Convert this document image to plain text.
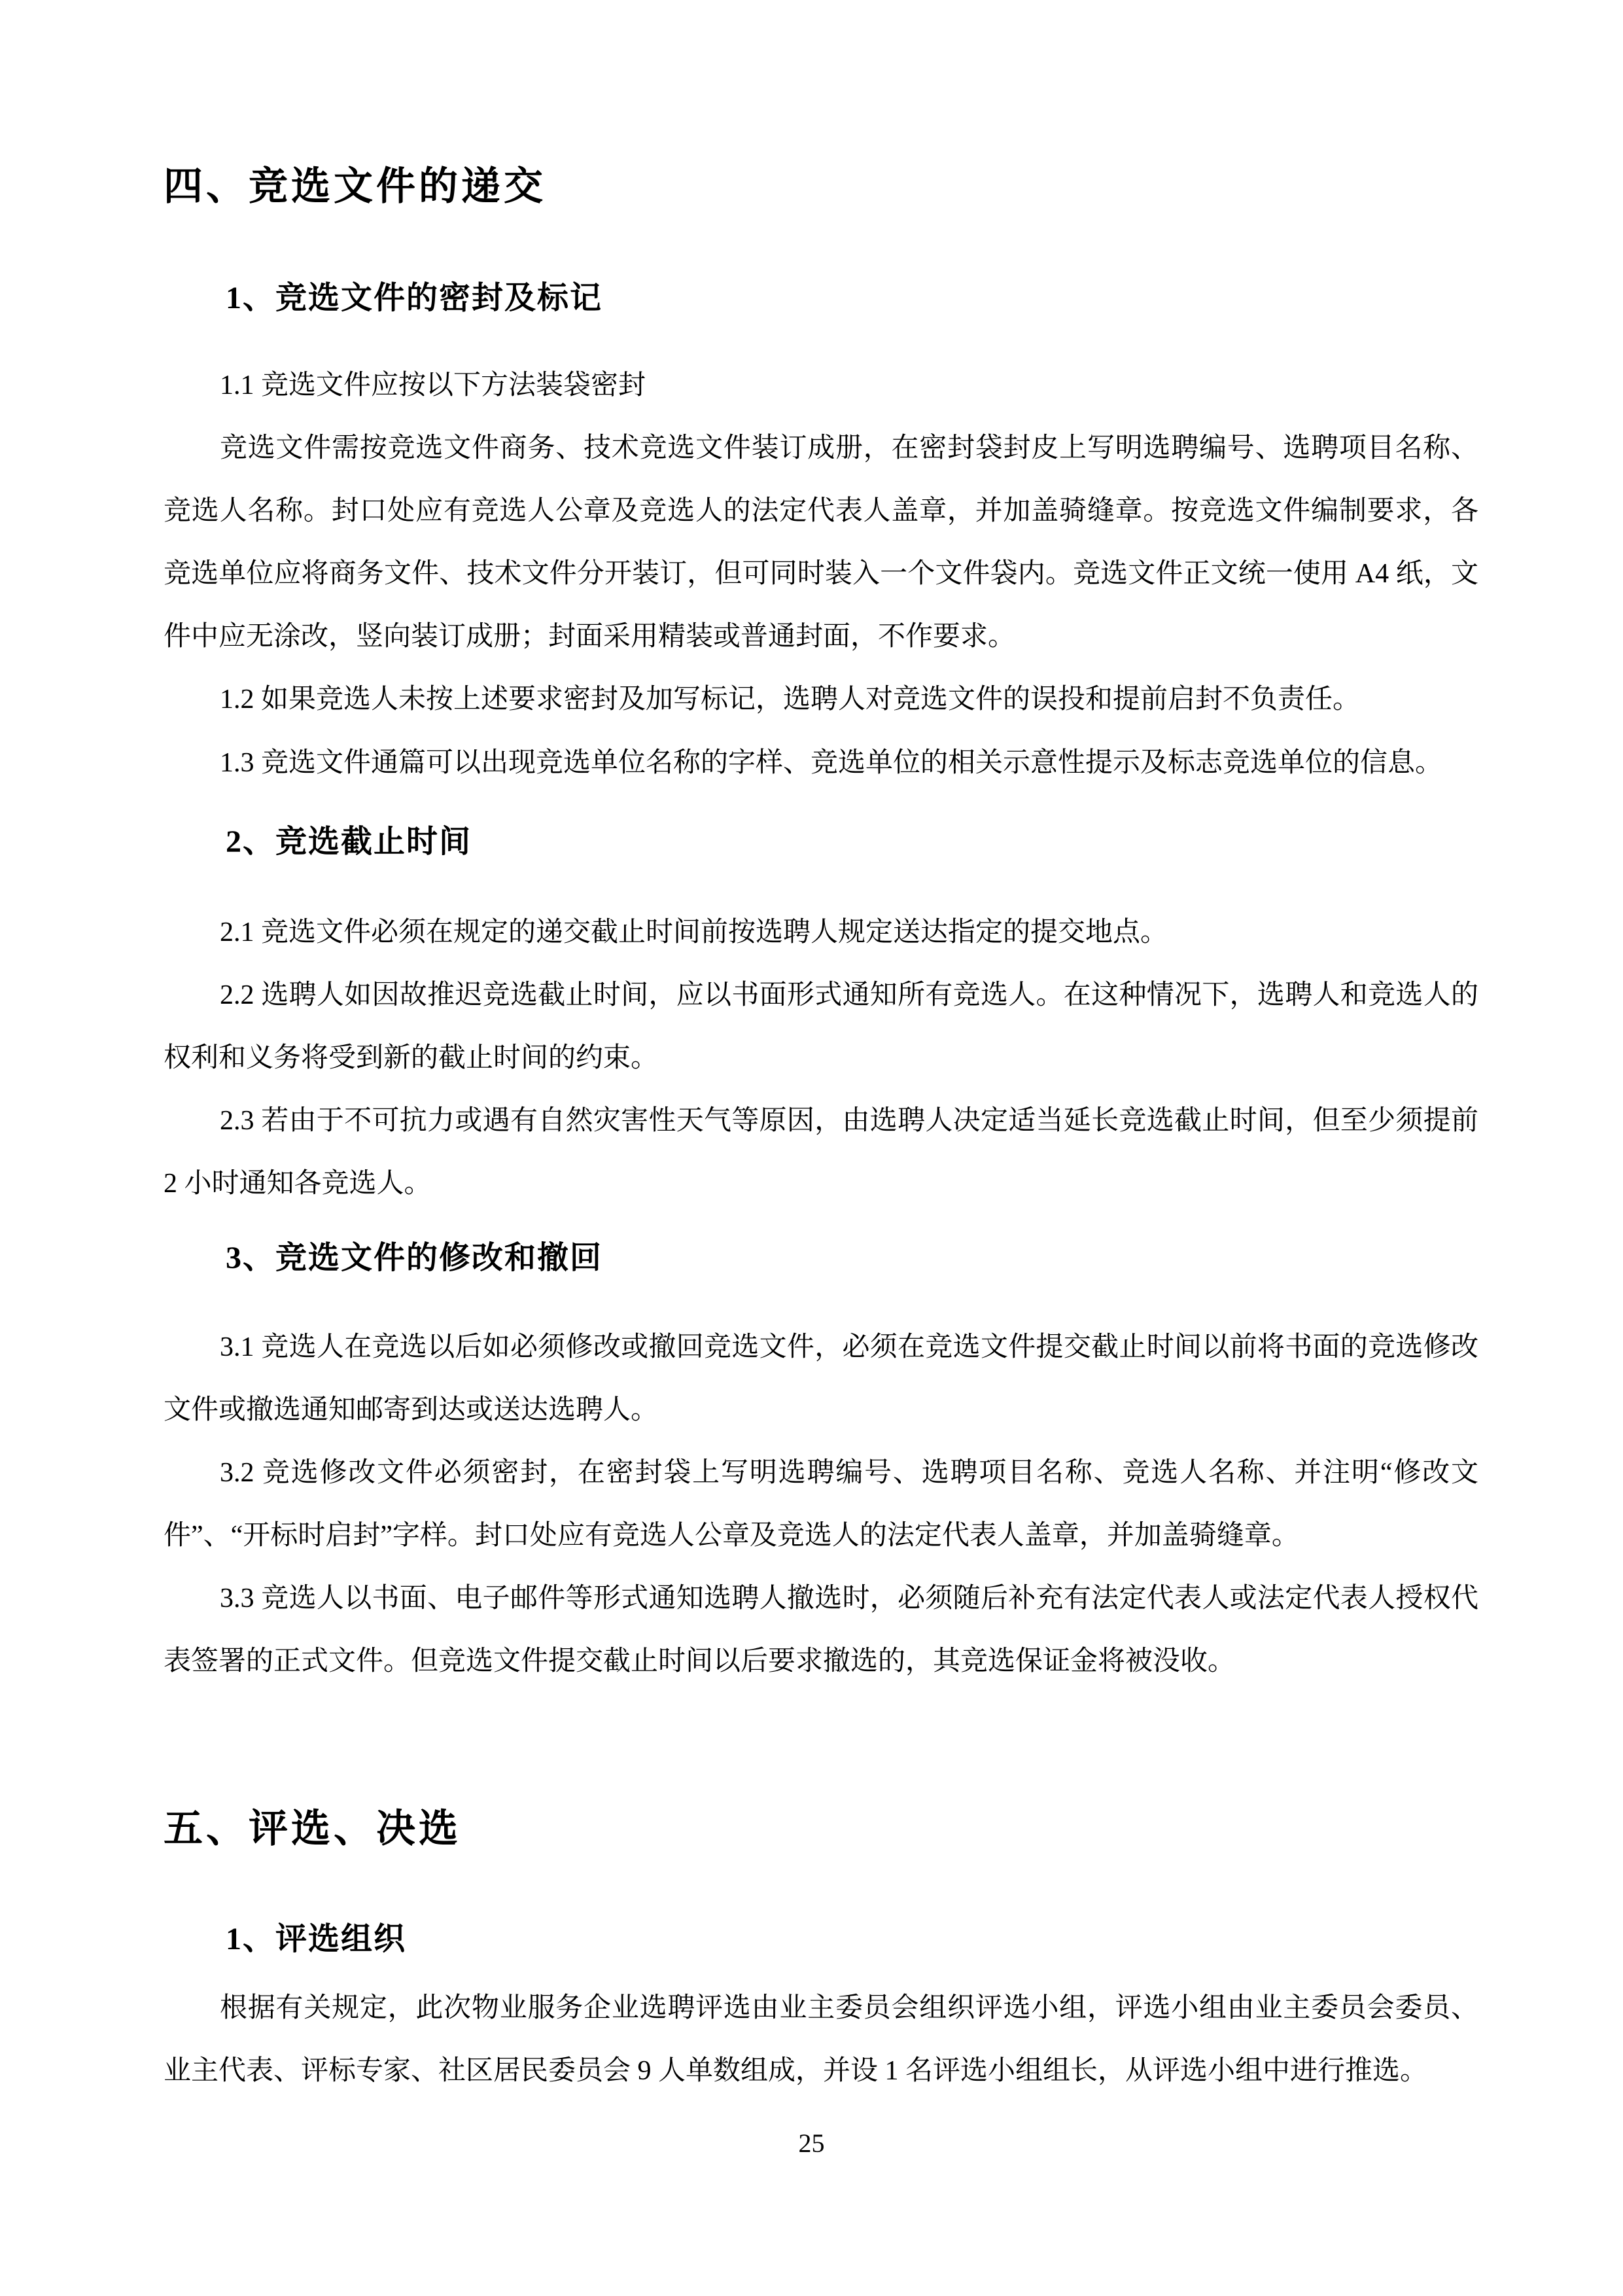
四、竞选文件的递交
1、竞选文件的密封及标记
1.1 竞选文件应按以下方法装袋密封
竞选文件需按竞选文件商务、技术竞选文件装订成册，在密封袋封皮上写明选聘编号、选聘项目名称、竞选人名称。封口处应有竞选人公章及竞选人的法定代表人盖章，并加盖骑缝章。按竞选文件编制要求，各竞选单位应将商务文件、技术文件分开装订，但可同时装入一个文件袋内。竞选文件正文统一使用 A4 纸，文件中应无涂改，竖向装订成册；封面采用精装或普通封面，不作要求。
1.2 如果竞选人未按上述要求密封及加写标记，选聘人对竞选文件的误投和提前启封不负责任。
1.3 竞选文件通篇可以出现竞选单位名称的字样、竞选单位的相关示意性提示及标志竞选单位的信息。
2、竞选截止时间
2.1 竞选文件必须在规定的递交截止时间前按选聘人规定送达指定的提交地点。
2.2 选聘人如因故推迟竞选截止时间，应以书面形式通知所有竞选人。在这种情况下，选聘人和竞选人的权利和义务将受到新的截止时间的约束。
2.3 若由于不可抗力或遇有自然灾害性天气等原因，由选聘人决定适当延长竞选截止时间，但至少须提前 2 小时通知各竞选人。
3、竞选文件的修改和撤回
3.1 竞选人在竞选以后如必须修改或撤回竞选文件，必须在竞选文件提交截止时间以前将书面的竞选修改文件或撤选通知邮寄到达或送达选聘人。
3.2 竞选修改文件必须密封，在密封袋上写明选聘编号、选聘项目名称、竞选人名称、并注明“修改文件”、“开标时启封”字样。封口处应有竞选人公章及竞选人的法定代表人盖章，并加盖骑缝章。
3.3 竞选人以书面、电子邮件等形式通知选聘人撤选时，必须随后补充有法定代表人或法定代表人授权代表签署的正式文件。但竞选文件提交截止时间以后要求撤选的，其竞选保证金将被没收。
五、评选、决选
1、评选组织
根据有关规定，此次物业服务企业选聘评选由业主委员会组织评选小组，评选小组由业主委员会委员、业主代表、评标专家、社区居民委员会 9 人单数组成，并设 1 名评选小组组长，从评选小组中进行推选。
25
